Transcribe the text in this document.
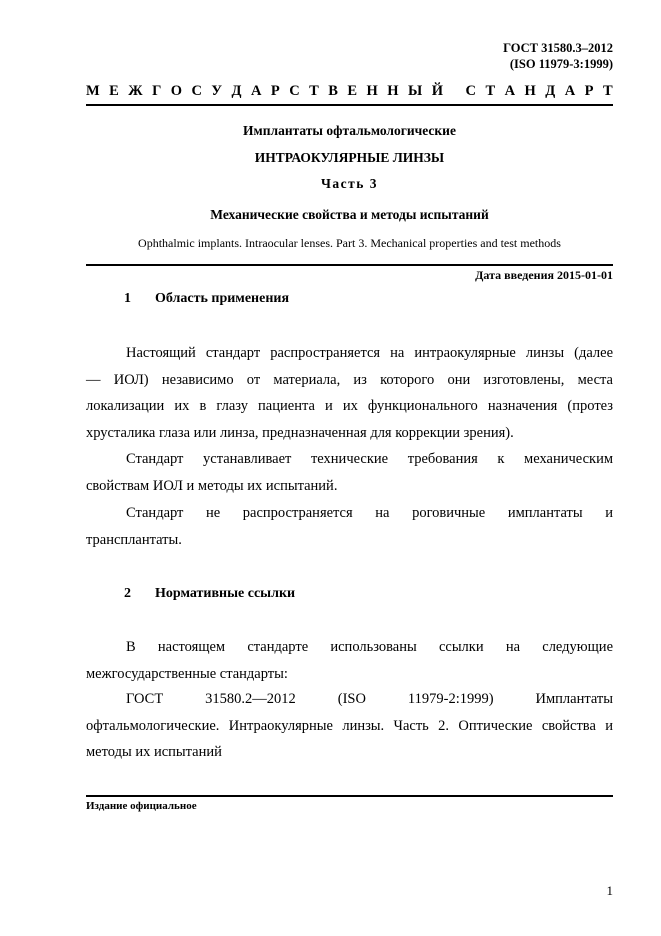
ГОСТ 31580.3–2012
(ISO 11979-3:1999)
М Е Ж Г О С У Д А Р С Т В Е Н Н Ы Й
С Т А Н Д А Р Т
Имплантаты офтальмологические
ИНТРАОКУЛЯРНЫЕ ЛИНЗЫ
Часть 3
Механические свойства и методы испытаний
Ophthalmic implants. Intraocular lenses. Part 3. Mechanical properties and test methods
Дата введения 2015-01-01
1 Область применения
Настоящий стандарт распространяется на интраокулярные линзы (далее
— ИОЛ) независимо от материала, из которого они изготовлены, места
локализации их в глазу пациента и их функционального назначения (протез
хрусталика глаза или линза, предназначенная для коррекции зрения).
Стандарт устанавливает технические требования к механическим
свойствам ИОЛ и методы их испытаний.
Стандарт не распространяется на роговичные имплантаты и
трансплантаты.
2 Нормативные ссылки
В настоящем стандарте использованы ссылки на следующие
межгосударственные стандарты:
ГОСТ 31580.2—2012 (ISO 11979-2:1999) Имплантаты
офтальмологические. Интраокулярные линзы. Часть 2. Оптические свойства и
методы их испытаний
Издание официальное
1
